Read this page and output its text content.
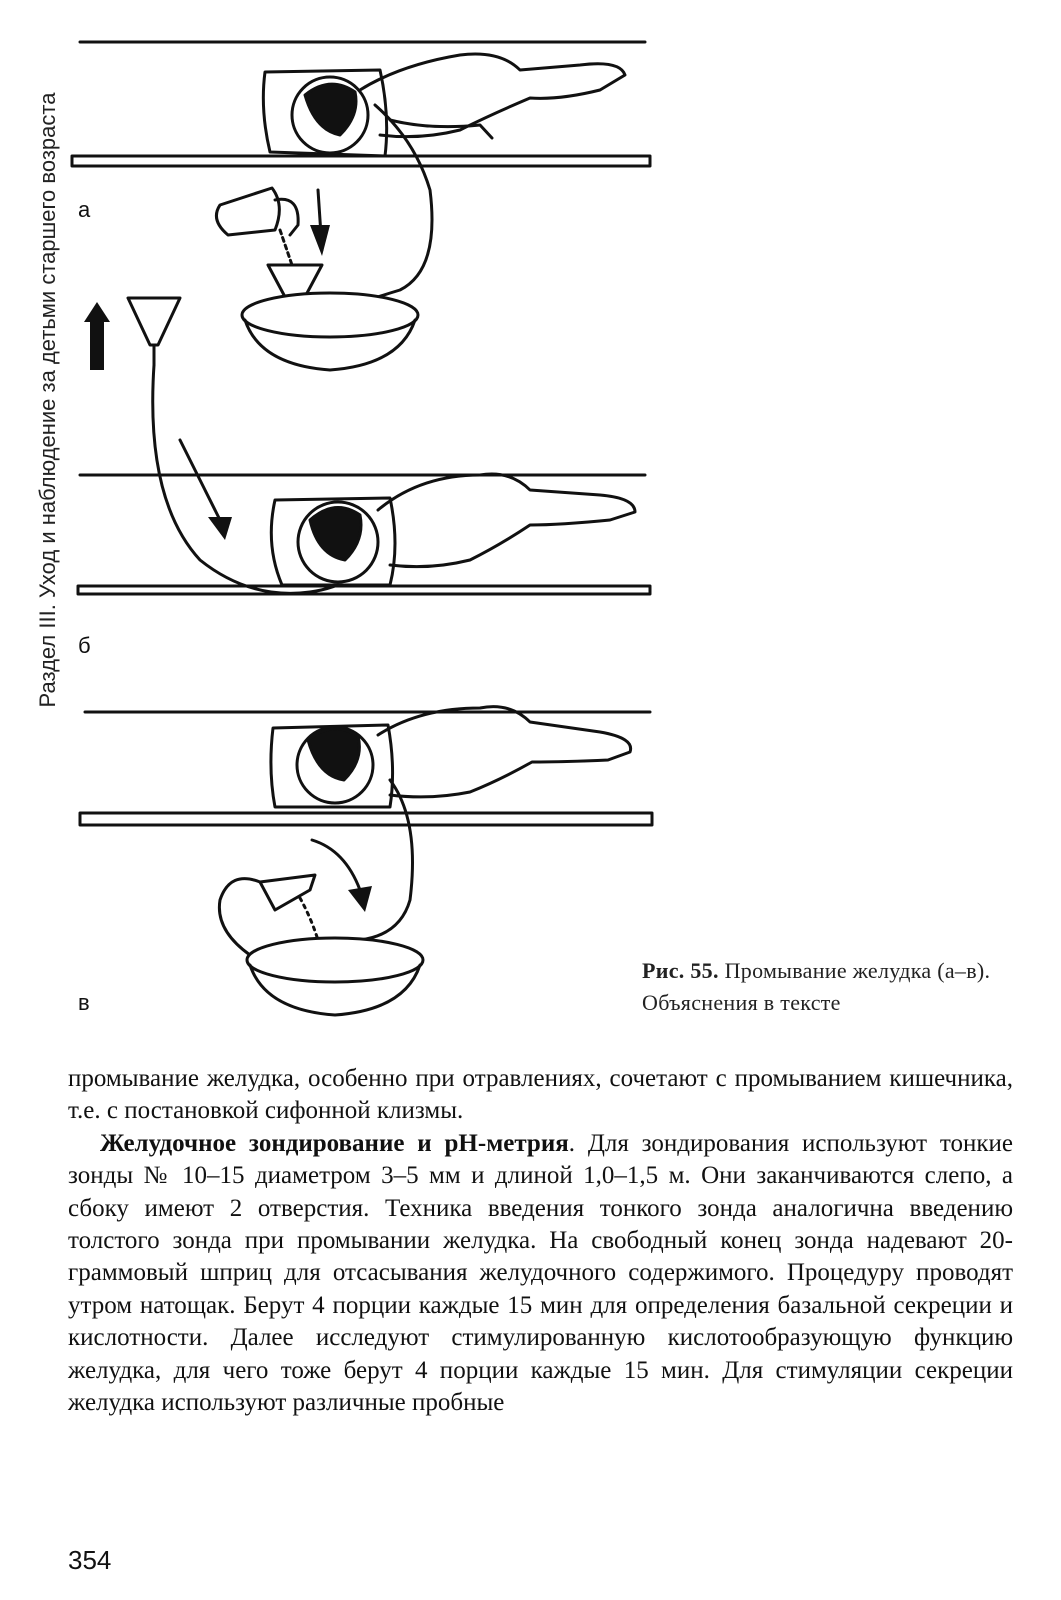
Раздел III. Уход и наблюдение за детьми старшего возраста а
б
в
Рис. 55. Промывание желудка (а–в). Объяснения в тексте

промывание желудка, особенно при отравлениях, сочетают с промыванием кишечника, т.е. с постановкой сифонной клизмы.

Желудочное зондирование и рН-метрия. Для зондирования используют тонкие зонды № 10–15 диаметром 3–5 мм и длиной 1,0–1,5 м. Они заканчиваются слепо, а сбоку имеют 2 отверстия. Техника введения тонкого зонда аналогична введению толстого зонда при промывании желудка. На свободный конец зонда надевают 20-граммовый шприц для отсасывания желудочного содержимого. Процедуру проводят утром натощак. Берут 4 порции каждые 15 мин для определения базальной секреции и кислотности. Далее исследуют стимулированную кислотообразующую функцию желудка, для чего тоже берут 4 порции каждые 15 мин. Для стимуляции секреции желудка используют различные пробные

354
